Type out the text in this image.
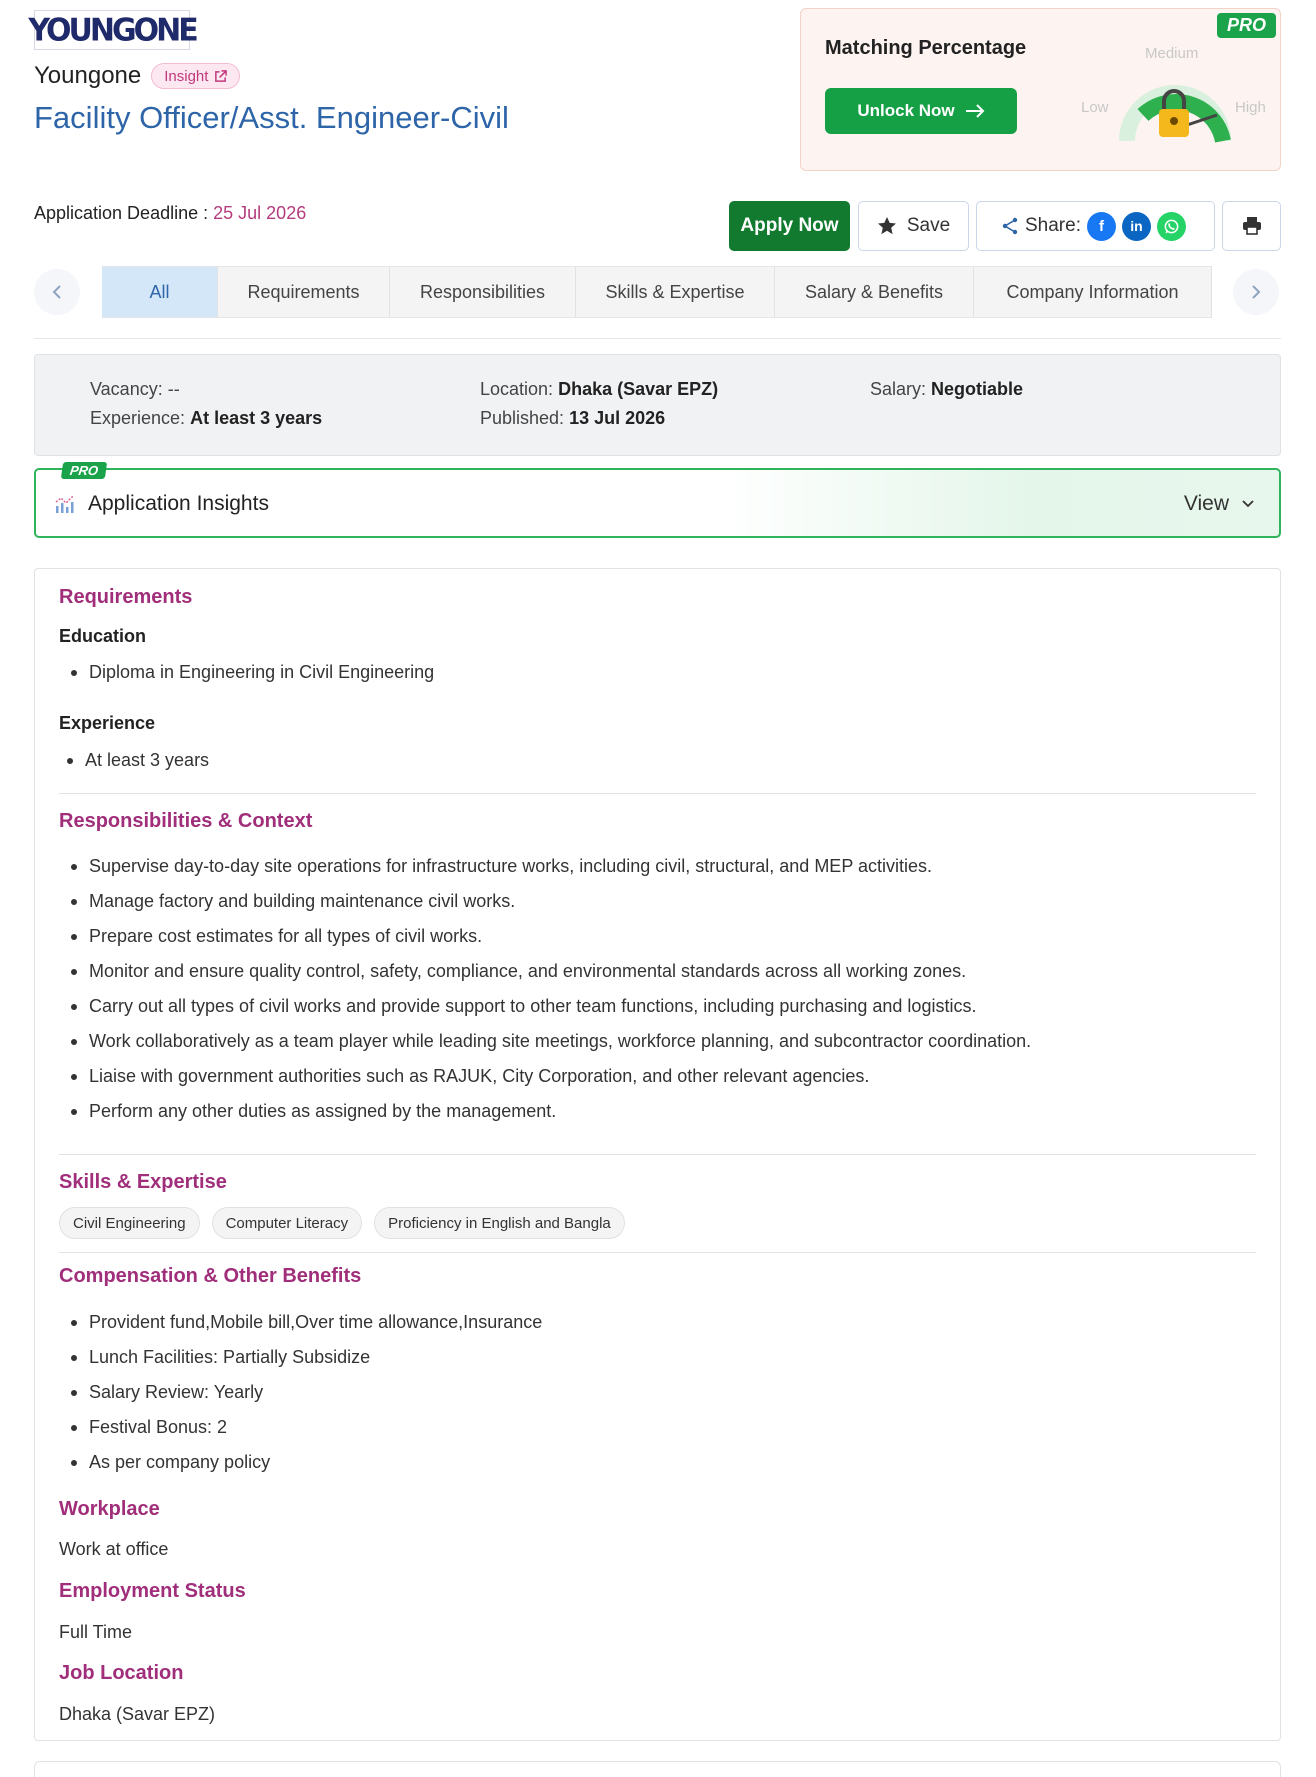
YOUNGONE
Youngone Insight
Facility Officer/Asst. Engineer-Civil
PRO
Matching Percentage
Unlock Now	Low
Medium
High
Application Deadline : 25 Jul 2026
Apply Now	Save	Share:	f	in
All	Requirements	Responsibilities	Skills & Expertise	Salary & Benefits	Company Information
Vacancy: --
Experience: At least 3 years
Location: Dhaka (Savar EPZ)
Published: 13 Jul 2026
Salary: Negotiable
PRO
Application Insights	View
Requirements
Education
Diploma in Engineering in Civil Engineering
Experience
At least 3 years
Responsibilities & Context
Supervise day-to-day site operations for infrastructure works, including civil, structural, and MEP activities.
Manage factory and building maintenance civil works.
Prepare cost estimates for all types of civil works.
Monitor and ensure quality control, safety, compliance, and environmental standards across all working zones.
Carry out all types of civil works and provide support to other team functions, including purchasing and logistics.
Work collaboratively as a team player while leading site meetings, workforce planning, and subcontractor coordination.
Liaise with government authorities such as RAJUK, City Corporation, and other relevant agencies.
Perform any other duties as assigned by the management.
Skills & Expertise
Civil Engineering	Computer Literacy	Proficiency in English and Bangla
Compensation & Other Benefits
Provident fund,Mobile bill,Over time allowance,Insurance
Lunch Facilities: Partially Subsidize
Salary Review: Yearly
Festival Bonus: 2
As per company policy
Workplace
Work at office
Employment Status
Full Time
Job Location
Dhaka (Savar EPZ)
